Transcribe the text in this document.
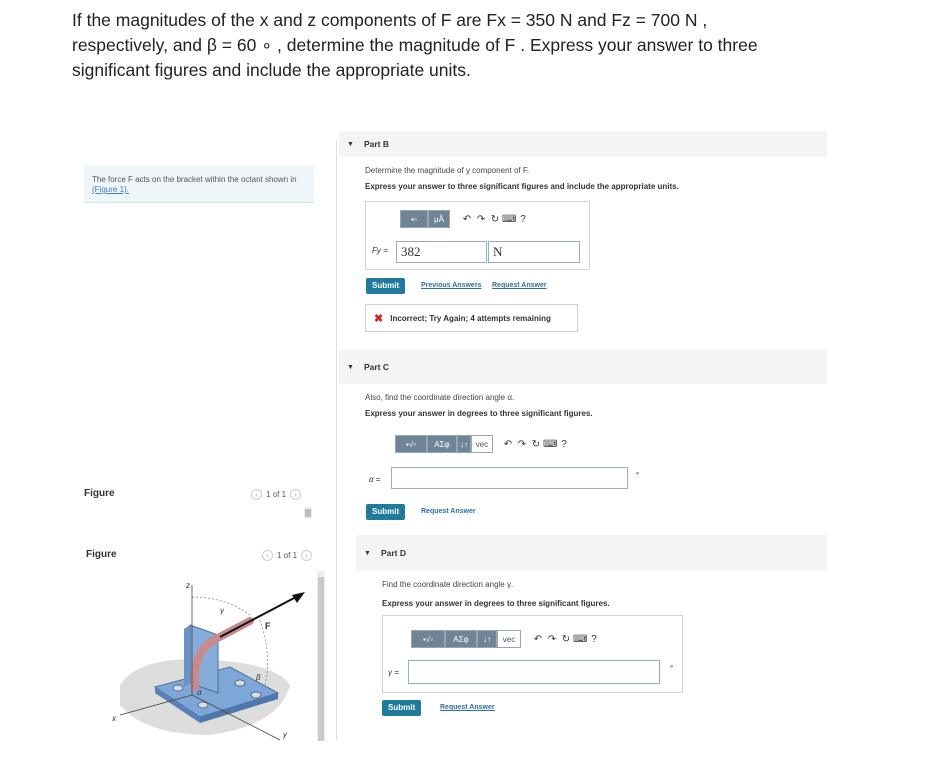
If the magnitudes of the x and z components of F are Fx = 350 N and Fz = 700 N ,
respectively, and β = 60 ∘ , determine the magnitude of F . Express your answer to three
significant figures and include the appropriate units.
The force F acts on the bracket within the octant shown in
(Figure 1).
Figure	‹	1 of 1	›
Figure	‹	1 of 1	›
z
y
x
F
γ
β
α
▼ Part B
Determine the magnitude of y component of F.
Express your answer to three significant figures and include the appropriate units.
▪▫	μÅ	↶ ↷ ↻ ⌨ ?
Fy =	382	N
Submit	Previous Answers Request Answer
✖ Incorrect; Try Again; 4 attempts remaining
▼ Part C
Also, find the coordinate direction angle α.
Express your answer in degrees to three significant figures.
▪√▫	ΑΣφ	↓↑ vec	↶ ↷ ↻ ⌨ ?
α =
∘
Submit	Request Answer
▼ Part D
Find the coordinate direction angle γ.
Express your answer in degrees to three significant figures.
▪√▫	ΑΣφ	↓↑	vec	↶ ↷ ↻ ⌨ ?
γ =
∘
Submit	Request Answer
